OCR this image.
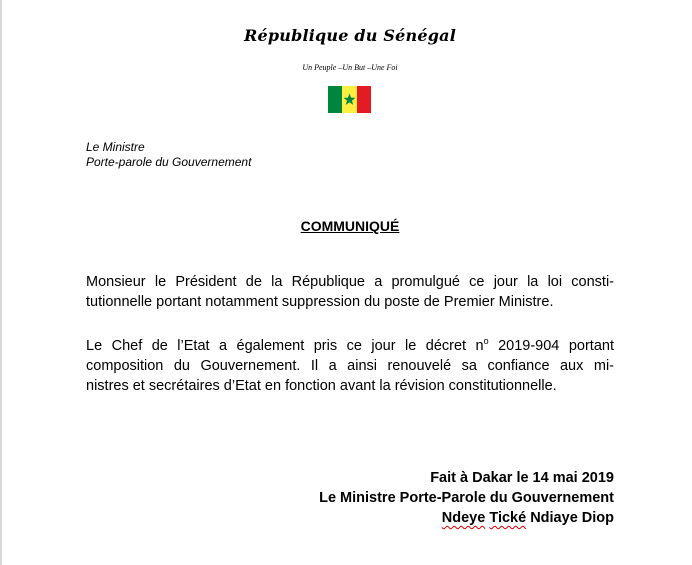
République du Sénégal
Un Peuple –Un But –Une Foi
Le Ministre
Porte-parole du Gouvernement
COMMUNIQUÉ
Monsieur le Président de la République a promulgué ce jour la loi consti-
tutionnelle portant notamment suppression du poste de Premier Ministre.
Le Chef de l’Etat a également pris ce jour le décret $n^o$ 2019-904 portant
composition du Gouvernement. Il a ainsi renouvelé sa confiance aux mi-
nistres et secrétaires d’Etat en fonction avant la révision constitutionnelle.
Fait à Dakar le 14 mai 2019
Le Ministre Porte-Parole du Gouvernement
Ndeye Tické Ndiaye Diop
